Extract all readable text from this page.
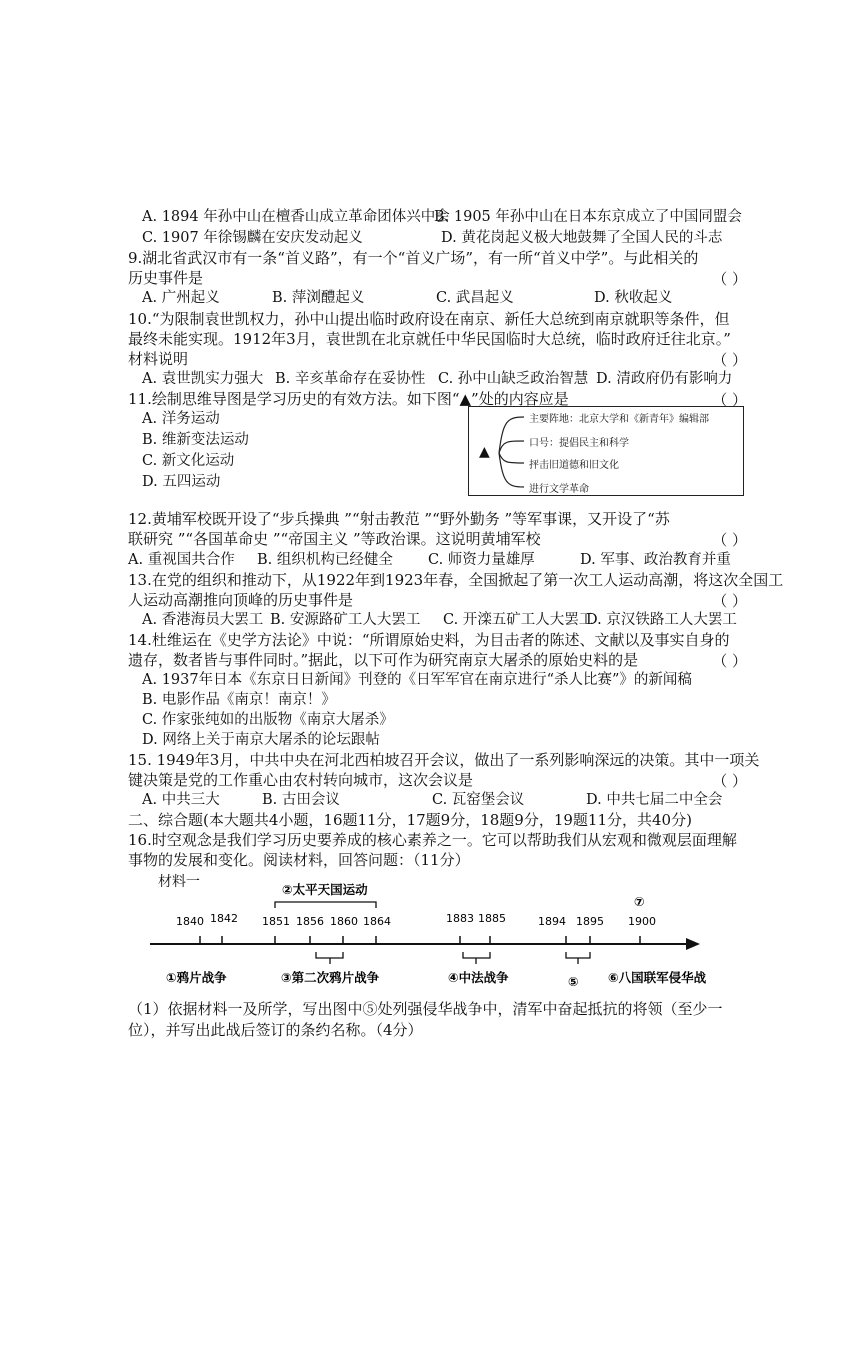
A. 1894 年孙中山在檀香山成立革命团体兴中会
B. 1905 年孙中山在日本东京成立了中国同盟会
C. 1907 年徐锡麟在安庆发动起义	D. 黄花岗起义极大地鼓舞了全国人民的斗志
9.湖北省武汉市有一条“首义路”，有一个“首义广场”，有一所“首义中学”。与此相关的
历史事件是	（ ）
A. 广州起义	B. 萍浏醴起义	C. 武昌起义	D. 秋收起义
10.“为限制袁世凯权力，孙中山提出临时政府设在南京、新任大总统到南京就职等条件，但
最终未能实现。1912年3月，袁世凯在北京就任中华民国临时大总统，临时政府迁往北京。”
材料说明	（ ）
A. 袁世凯实力强大 B. 辛亥革命存在妥协性 C. 孙中山缺乏政治智慧 D. 清政府仍有影响力
11.绘制思维导图是学习历史的有效方法。如下图“▲”处的内容应是	（ ）
A. 洋务运动
B. 维新变法运动
C. 新文化运动
D. 五四运动
主要阵地：北京大学和《新青年》编辑部
口号：提倡民主和科学
抨击旧道德和旧文化
进行文学革命
▲
12.黄埔军校既开设了“步兵操典 ”“射击教范 ”“野外勤务 ”等军事课，又开设了“苏
联研究 ”“各国革命史 ”“帝国主义 ”等政治课。这说明黄埔军校	（ ）
A. 重视国共合作 B. 组织机构已经健全 C. 师资力量雄厚	D. 军事、政治教育并重
13.在党的组织和推动下，从1922年到1923年春，全国掀起了第一次工人运动高潮，将这次全国工
人运动高潮推向顶峰的历史事件是	（ ）
A. 香港海员大罢工 B. 安源路矿工人大罢工 C. 开滦五矿工人大罢工
D. 京汉铁路工人大罢工
14.杜维运在《史学方法论》中说：“所谓原始史料，为目击者的陈述、文献以及事实自身的
遗存，数者皆与事件同时。”据此，以下可作为研究南京大屠杀的原始史料的是	（ ）
A. 1937年日本《东京日日新闻》刊登的《日军军官在南京进行“杀人比赛”》的新闻稿
B. 电影作品《南京！南京！》
C. 作家张纯如的出版物《南京大屠杀》
D. 网络上关于南京大屠杀的论坛跟帖
15. 1949年3月，中共中央在河北西柏坡召开会议，做出了一系列影响深远的决策。其中一项关
键决策是党的工作重心由农村转向城市，这次会议是	（ ）
A. 中共三大	B. 古田会议	C. 瓦窑堡会议	D. 中共七届二中全会
二、综合题(本大题共4小题，16题11分，17题9分，18题9分，19题11分，共40分)
16.时空观念是我们学习历史要养成的核心素养之一。它可以帮助我们从宏观和微观层面理解
事物的发展和变化。阅读材料，回答问题：（11分）
材料一
1840 1842 1851 1856 1860 1864	1883 1885	1894 1895 1900
②太平天国运动
①鸦片战争	③第二次鸦片战争	④中法战争	⑤ ⑥八国联军侵华战
⑦
（1）依据材料一及所学，写出图中⑤处列强侵华战争中，清军中奋起抵抗的将领（至少一
位），并写出此战后签订的条约名称。（4分）
